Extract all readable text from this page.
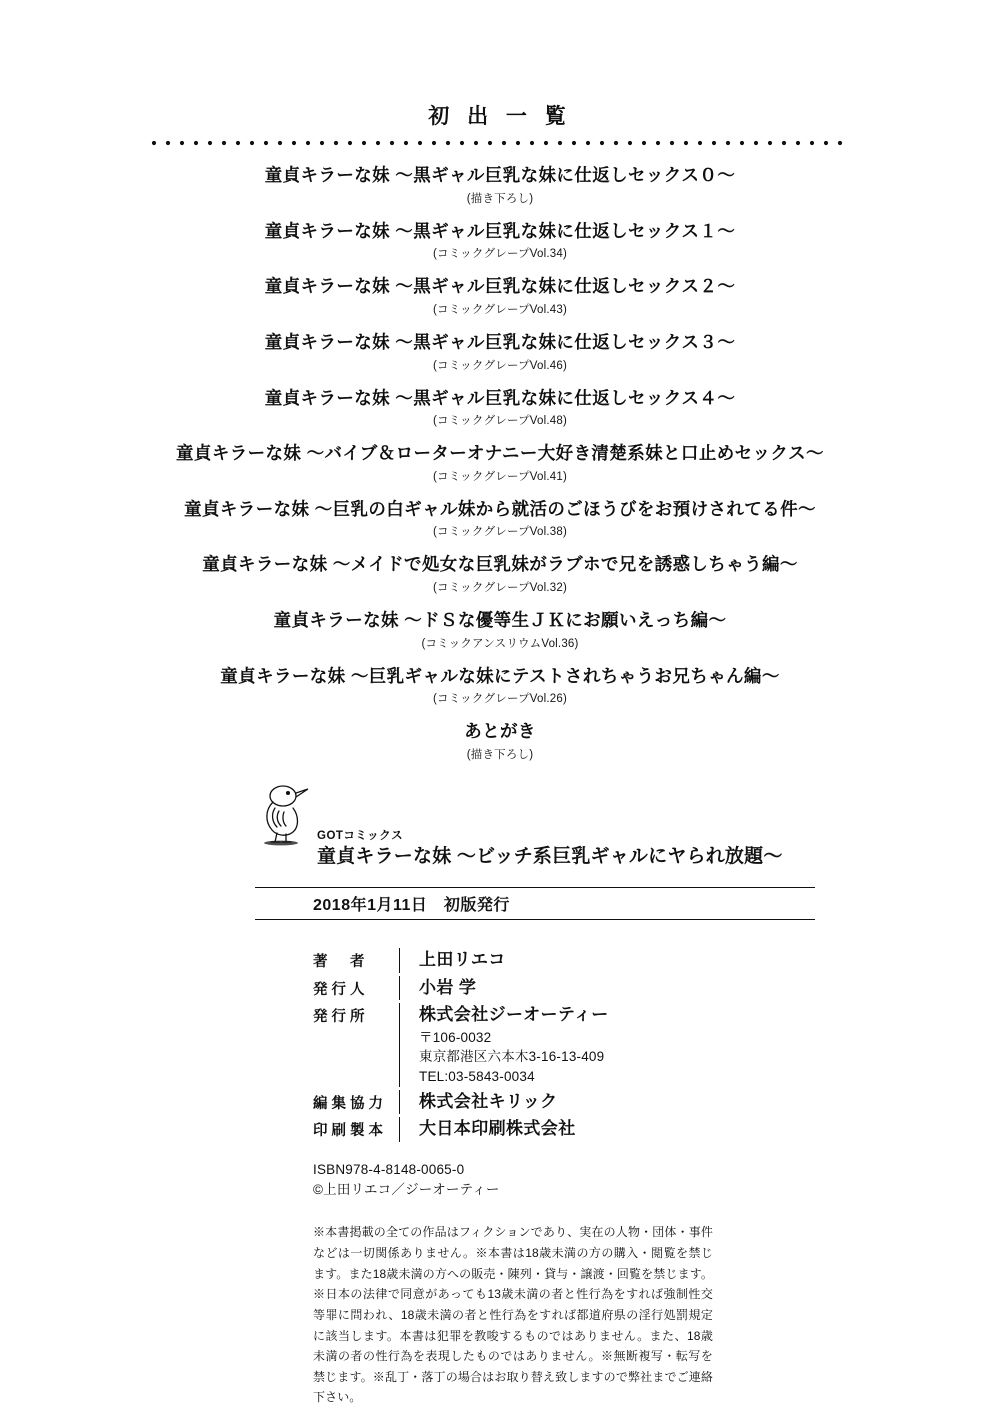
初 出 一 覧
童貞キラーな妹 ～黒ギャル巨乳な妹に仕返しセックス０～
(描き下ろし)
童貞キラーな妹 ～黒ギャル巨乳な妹に仕返しセックス１～
(コミックグレープVol.34)
童貞キラーな妹 ～黒ギャル巨乳な妹に仕返しセックス２～
(コミックグレープVol.43)
童貞キラーな妹 ～黒ギャル巨乳な妹に仕返しセックス３～
(コミックグレープVol.46)
童貞キラーな妹 ～黒ギャル巨乳な妹に仕返しセックス４～
(コミックグレープVol.48)
童貞キラーな妹 ～バイブ＆ローターオナニー大好き清楚系妹と口止めセックス～
(コミックグレープVol.41)
童貞キラーな妹 ～巨乳の白ギャル妹から就活のごほうびをお預けされてる件～
(コミックグレープVol.38)
童貞キラーな妹 ～メイドで処女な巨乳妹がラブホで兄を誘惑しちゃう編～
(コミックグレープVol.32)
童貞キラーな妹 ～ドＳな優等生ＪＫにお願いえっち編～
(コミックアンスリウムVol.36)
童貞キラーな妹 ～巨乳ギャルな妹にテストされちゃうお兄ちゃん編～
(コミックグレープVol.26)
あとがき
(描き下ろし)
GOTコミックス
童貞キラーな妹 ～ビッチ系巨乳ギャルにヤられ放題～
2018年1月11日　初版発行
著　者	上田リエコ
発行人	小岩 学
発行所	株式会社ジーオーティー
〒106-0032
東京都港区六本木3-16-13-409
TEL:03-5843-0034
編集協力	株式会社キリック
印刷製本	大日本印刷株式会社
ISBN978-4-8148-0065-0
©上田リエコ／ジーオーティー
※本書掲載の全ての作品はフィクションであり、実在の人物・団体・事件などは一切関係ありません。※本書は18歳未満の方の購入・閲覧を禁じます。また18歳未満の方への販売・陳列・貸与・譲渡・回覧を禁じます。※日本の法律で同意があっても13歳未満の者と性行為をすれば強制性交等罪に問われ、18歳未満の者と性行為をすれば都道府県の淫行処罰規定に該当します。本書は犯罪を教唆するものではありません。また、18歳未満の者の性行為を表現したものではありません。※無断複写・転写を禁じます。※乱丁・落丁の場合はお取り替え致しますので弊社までご連絡下さい。
